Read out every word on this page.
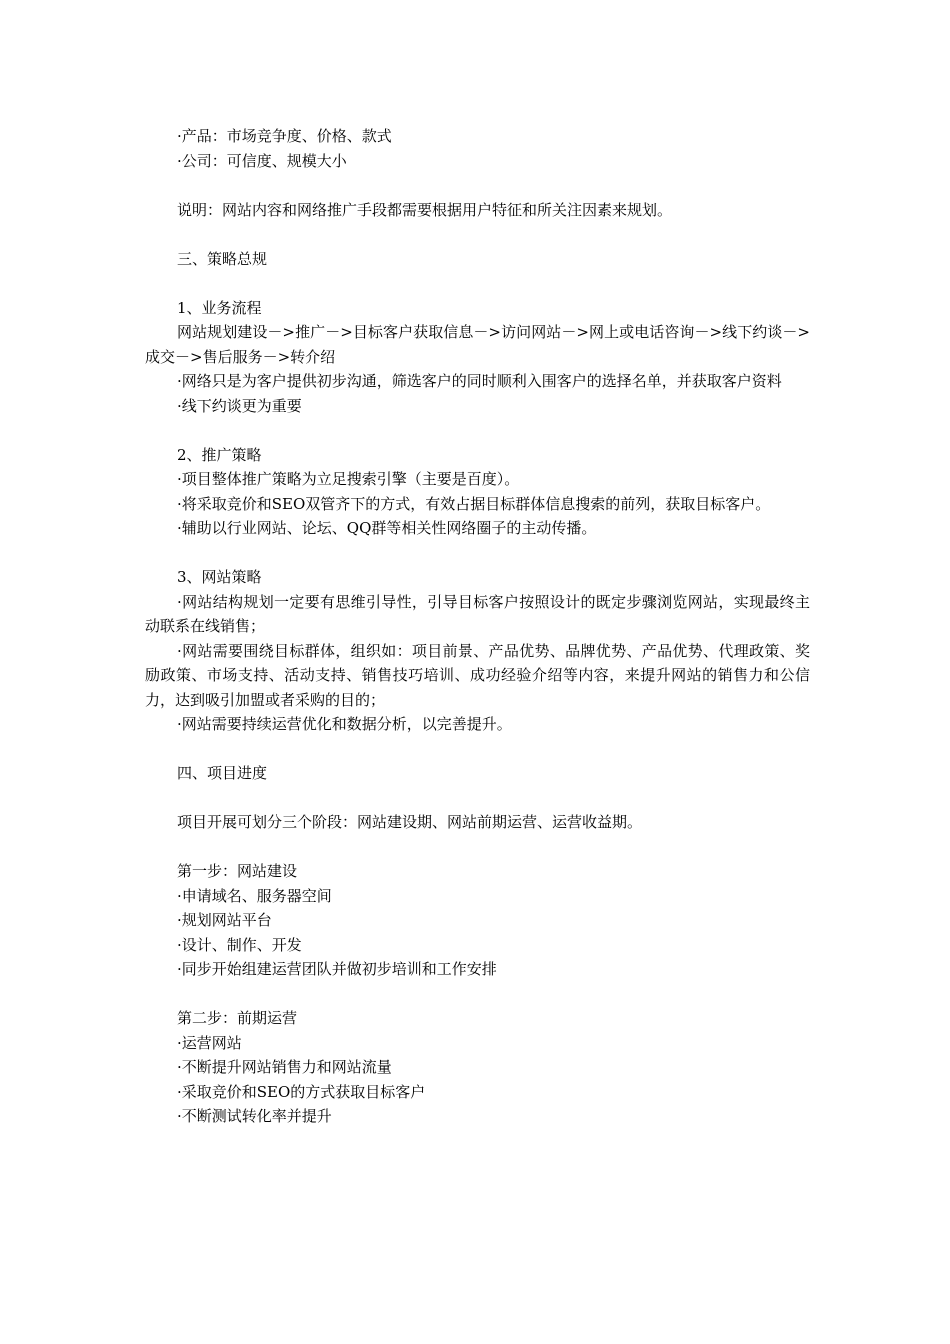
·产品：市场竞争度、价格、款式
·公司：可信度、规模大小
说明：网站内容和网络推广手段都需要根据用户特征和所关注因素来规划。
三、策略总规
1、业务流程
网站规划建设－>推广－>目标客户获取信息－>访问网站－>网上或电话咨询－>线下约谈－>成交－>售后服务－>转介绍
·网络只是为客户提供初步沟通，筛选客户的同时顺利入围客户的选择名单，并获取客户资料
·线下约谈更为重要
2、推广策略
·项目整体推广策略为立足搜索引擎（主要是百度）。
·将采取竞价和SEO双管齐下的方式，有效占据目标群体信息搜索的前列，获取目标客户。
·辅助以行业网站、论坛、QQ群等相关性网络圈子的主动传播。
3、网站策略
·网站结构规划一定要有思维引导性，引导目标客户按照设计的既定步骤浏览网站，实现最终主动联系在线销售；
·网站需要围绕目标群体，组织如：项目前景、产品优势、品牌优势、产品优势、代理政策、奖励政策、市场支持、活动支持、销售技巧培训、成功经验介绍等内容，来提升网站的销售力和公信力，达到吸引加盟或者采购的目的；
·网站需要持续运营优化和数据分析，以完善提升。
四、项目进度
项目开展可划分三个阶段：网站建设期、网站前期运营、运营收益期。
第一步：网站建设
·申请域名、服务器空间
·规划网站平台
·设计、制作、开发
·同步开始组建运营团队并做初步培训和工作安排
第二步：前期运营
·运营网站
·不断提升网站销售力和网站流量
·采取竞价和SEO的方式获取目标客户
·不断测试转化率并提升
